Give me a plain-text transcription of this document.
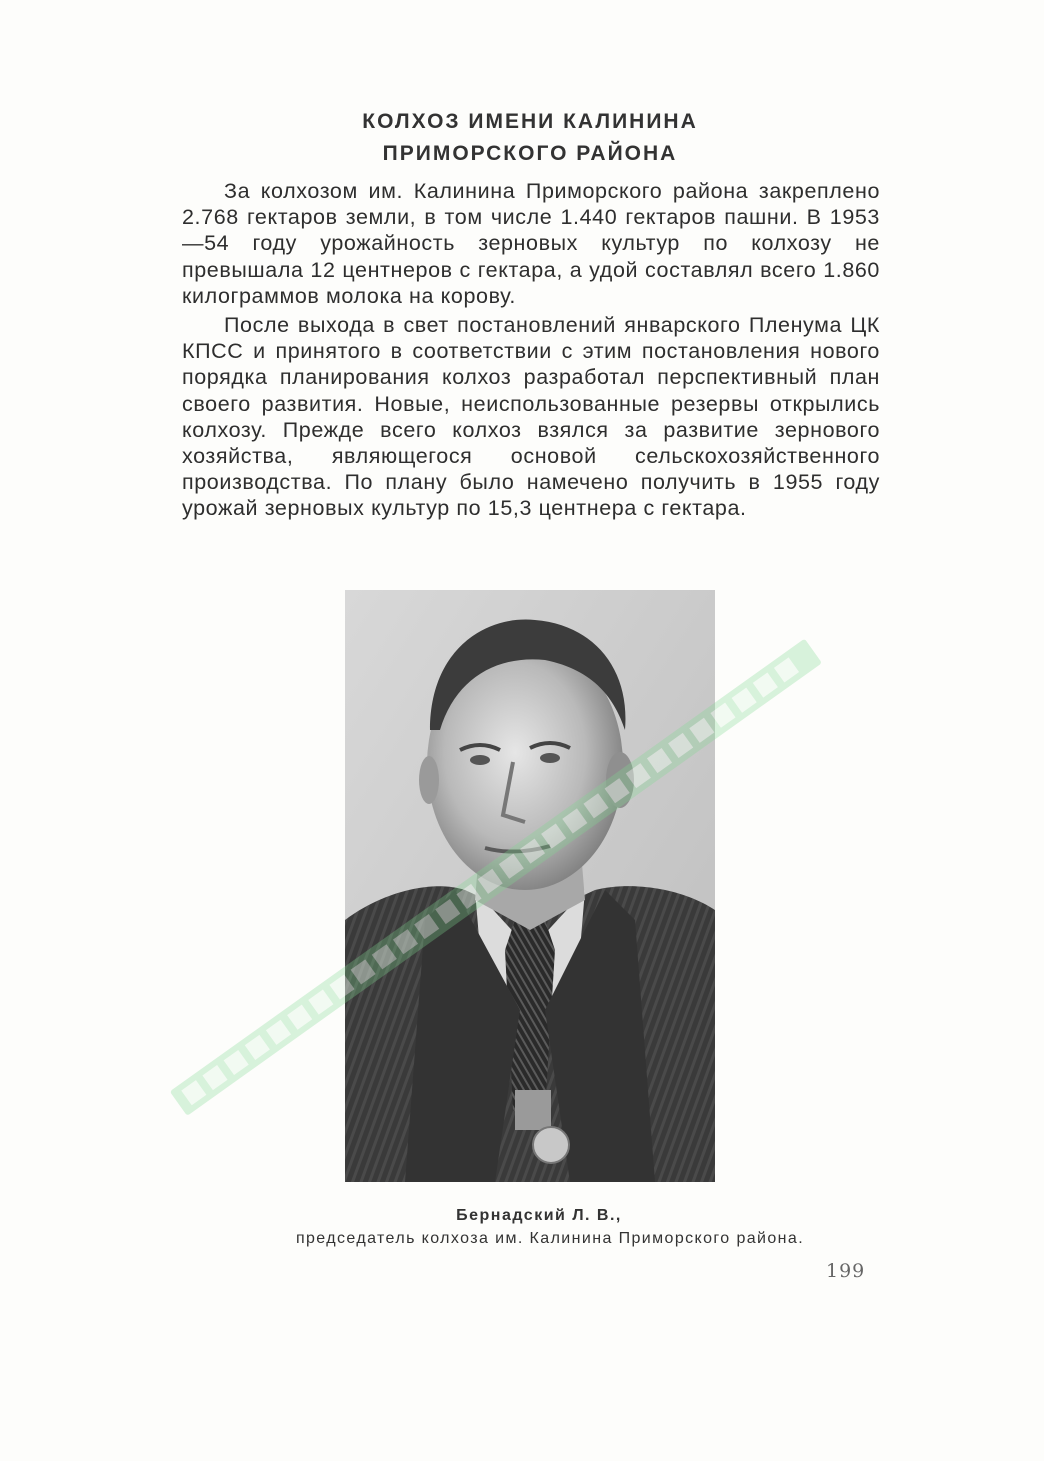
КОЛХОЗ ИМЕНИ КАЛИНИНА
ПРИМОРСКОГО РАЙОНА

За колхозом им. Калинина Приморского района закреплено 2.768 гектаров земли, в том числе 1.440 гектаров пашни. В 1953—54 году урожайность зерновых культур по колхозу не превышала 12 центнеров с гектара, а удой составлял всего 1.860 килограммов молока на корову.

После выхода в свет постановлений январского Пленума ЦК КПСС и принятого в соответствии с этим постановления нового порядка планирования колхоз разработал перспективный план своего развития. Новые, неиспользованные резервы открылись колхозу. Прежде всего колхоз взялся за развитие зернового хозяйства, являющегося основой сельскохозяйственного производства. По плану было намечено получить в 1955 году урожай зерновых культур по 15,3 центнера с гектара.

Бернадский Л. В.,
председатель колхоза им. Калинина Приморского района.
199
